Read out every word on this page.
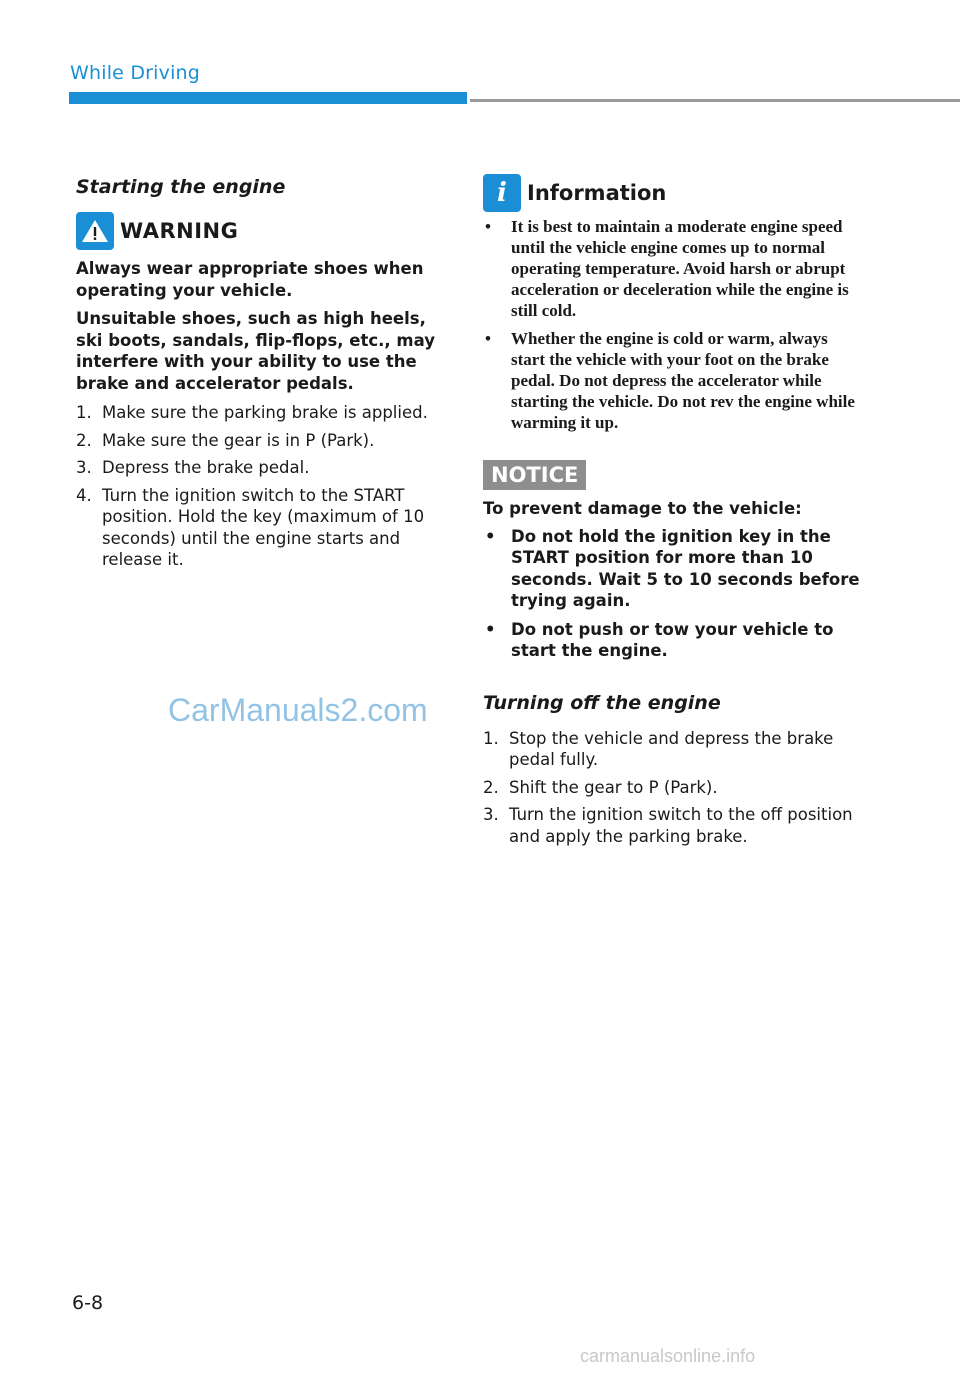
While Driving
Starting the engine
WARNING

Always wear appropriate shoes when operating your vehicle.

Unsuitable shoes, such as high heels, ski boots, sandals, flip-flops, etc., may interfere with your ability to use the brake and accelerator pedals.

1. Make sure the parking brake is applied.
2. Make sure the gear is in P (Park).
3. Depress the brake pedal.
4. Turn the ignition switch to the START position. Hold the key (maximum of 10 seconds) until the engine starts and release it.
i Information
•	It is best to maintain a moderate engine speed until the vehicle engine comes up to normal operating temperature. Avoid harsh or abrupt acceleration or deceleration while the engine is still cold.
•	Whether the engine is cold or warm, always start the vehicle with your foot on the brake pedal. Do not depress the accelerator while starting the vehicle. Do not rev the engine while warming it up.
NOTICE

To prevent damage to the vehicle:

• Do not hold the ignition key in the START position for more than 10 seconds. Wait 5 to 10 seconds before trying again.
• Do not push or tow your vehicle to start the engine.
Turning off the engine
1. Stop the vehicle and depress the brake pedal fully.
2. Shift the gear to P (Park).
3. Turn the ignition switch to the off position and apply the parking brake.
CarManuals2.com
6-8
carmanualsonline.info
